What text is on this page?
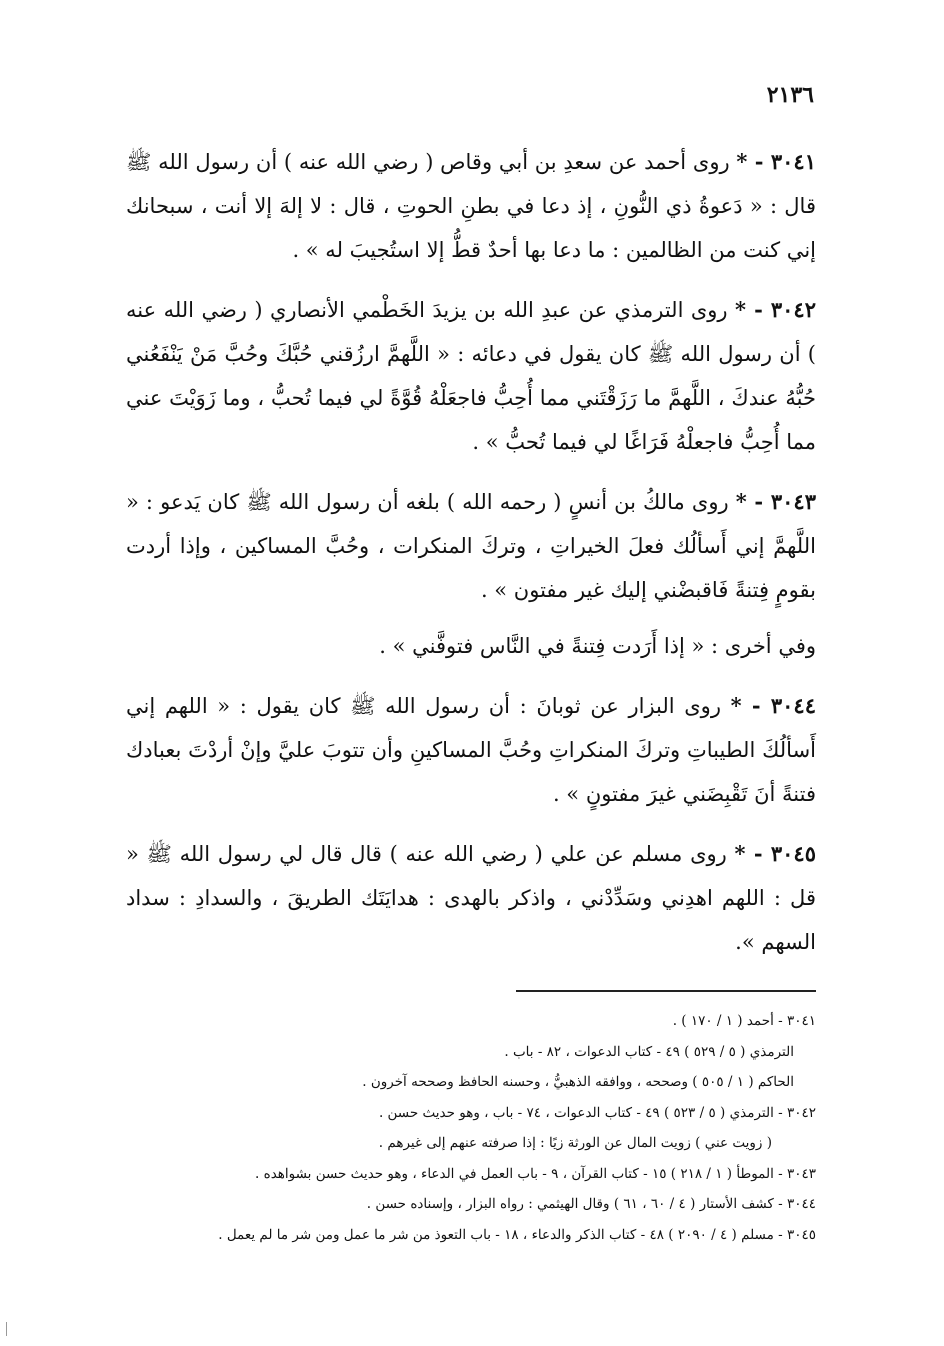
٢١٣٦
٣٠٤١ - * روى أحمد عن سعدِ بن أبي وقاص ( رضي الله عنه ) أن رسول الله ﷺ قال : « دَعوةُ ذي النُّونِ ، إذ دعا في بطنِ الحوتِ ، قال : لا إلهَ إلا أنت ، سبحانك إني كنت من الظالمين : ما دعا بها أحدٌ قطُّ إلا استُجيبَ له » .
٣٠٤٢ - * روى الترمذي عن عبدِ الله بن يزيدَ الخَطْمي الأنصاري ( رضي الله عنه ) أن رسول الله ﷺ كان يقول في دعائه : « اللَّهمَّ ارزُقني حُبَّكَ وحُبَّ مَنْ يَنْفَعُني حُبُّهُ عندكَ ، اللَّهمَّ ما رَزَقْتَني مما أُحِبُّ فاجعَلْهُ قُوَّةً لي فيما تُحبُّ ، وما زَوَيْتَ عني مما أُحِبُّ فاجعلْهُ فَرَاغًا لي فيما تُحبُّ » .
٣٠٤٣ - * روى مالكُ بن أنسٍ ( رحمه الله ) بلغه أن رسول الله ﷺ كان يَدعو : « اللَّهمَّ إني أَسألُك فعلَ الخيراتِ ، وتركَ المنكرات ، وحُبَّ المساكين ، وإذا أردت بقومٍ فِتنةً فَاقبضْني إليك غير مفتون » .
وفي أخرى : « إذا أَرَدت فِتنةً في النَّاس فتوفَّني » .
٣٠٤٤ - * روى البزار عن ثوبانَ : أن رسول الله ﷺ كان يقول : « اللهم إني أَسألُكَ الطيباتِ وتركَ المنكراتِ وحُبَّ المساكينِ وأن تتوبَ عليَّ وإنْ أردْتَ بعبادك فتنةً أنَ تَقْبِضَني غيرَ مفتونٍ » .
٣٠٤٥ - * روى مسلم عن علي ( رضي الله عنه ) قال قال لي رسول الله ﷺ « قل : اللهم اهدِني وسَدِّدْني ، واذكر بالهدى : هدايَتَك الطريقَ ، والسدادِ : سداد السهم ».
٣٠٤١ - أحمد ( ١ / ١٧٠ ) .
الترمذي ( ٥ / ٥٢٩ ) ٤٩ - كتاب الدعوات ، ٨٢ - باب .
الحاكم ( ١ / ٥٠٥ ) وصححه ، ووافقه الذهبيُّ ، وحسنه الحافظ وصححه آخرون .
٣٠٤٢ - الترمذي ( ٥ / ٥٢٣ ) ٤٩ - كتاب الدعوات ، ٧٤ - باب ، وهو حديث حسن .
( زويت عني ) زويت المال عن الورثة زيًا : إذا صرفته عنهم إلى غيرهم .
٣٠٤٣ - الموطأ ( ١ / ٢١٨ ) ١٥ - كتاب القرآن ، ٩ - باب العمل في الدعاء ، وهو حديث حسن بشواهده .
٣٠٤٤ - كشف الأستار ( ٤ / ٦٠ ، ٦١ ) وقال الهيثمي : رواه البزار ، وإسناده حسن .
٣٠٤٥ - مسلم ( ٤ / ٢٠٩٠ ) ٤٨ - كتاب الذكر والدعاء ، ١٨ - باب التعوذ من شر ما عمل ومن شر ما لم يعمل .
